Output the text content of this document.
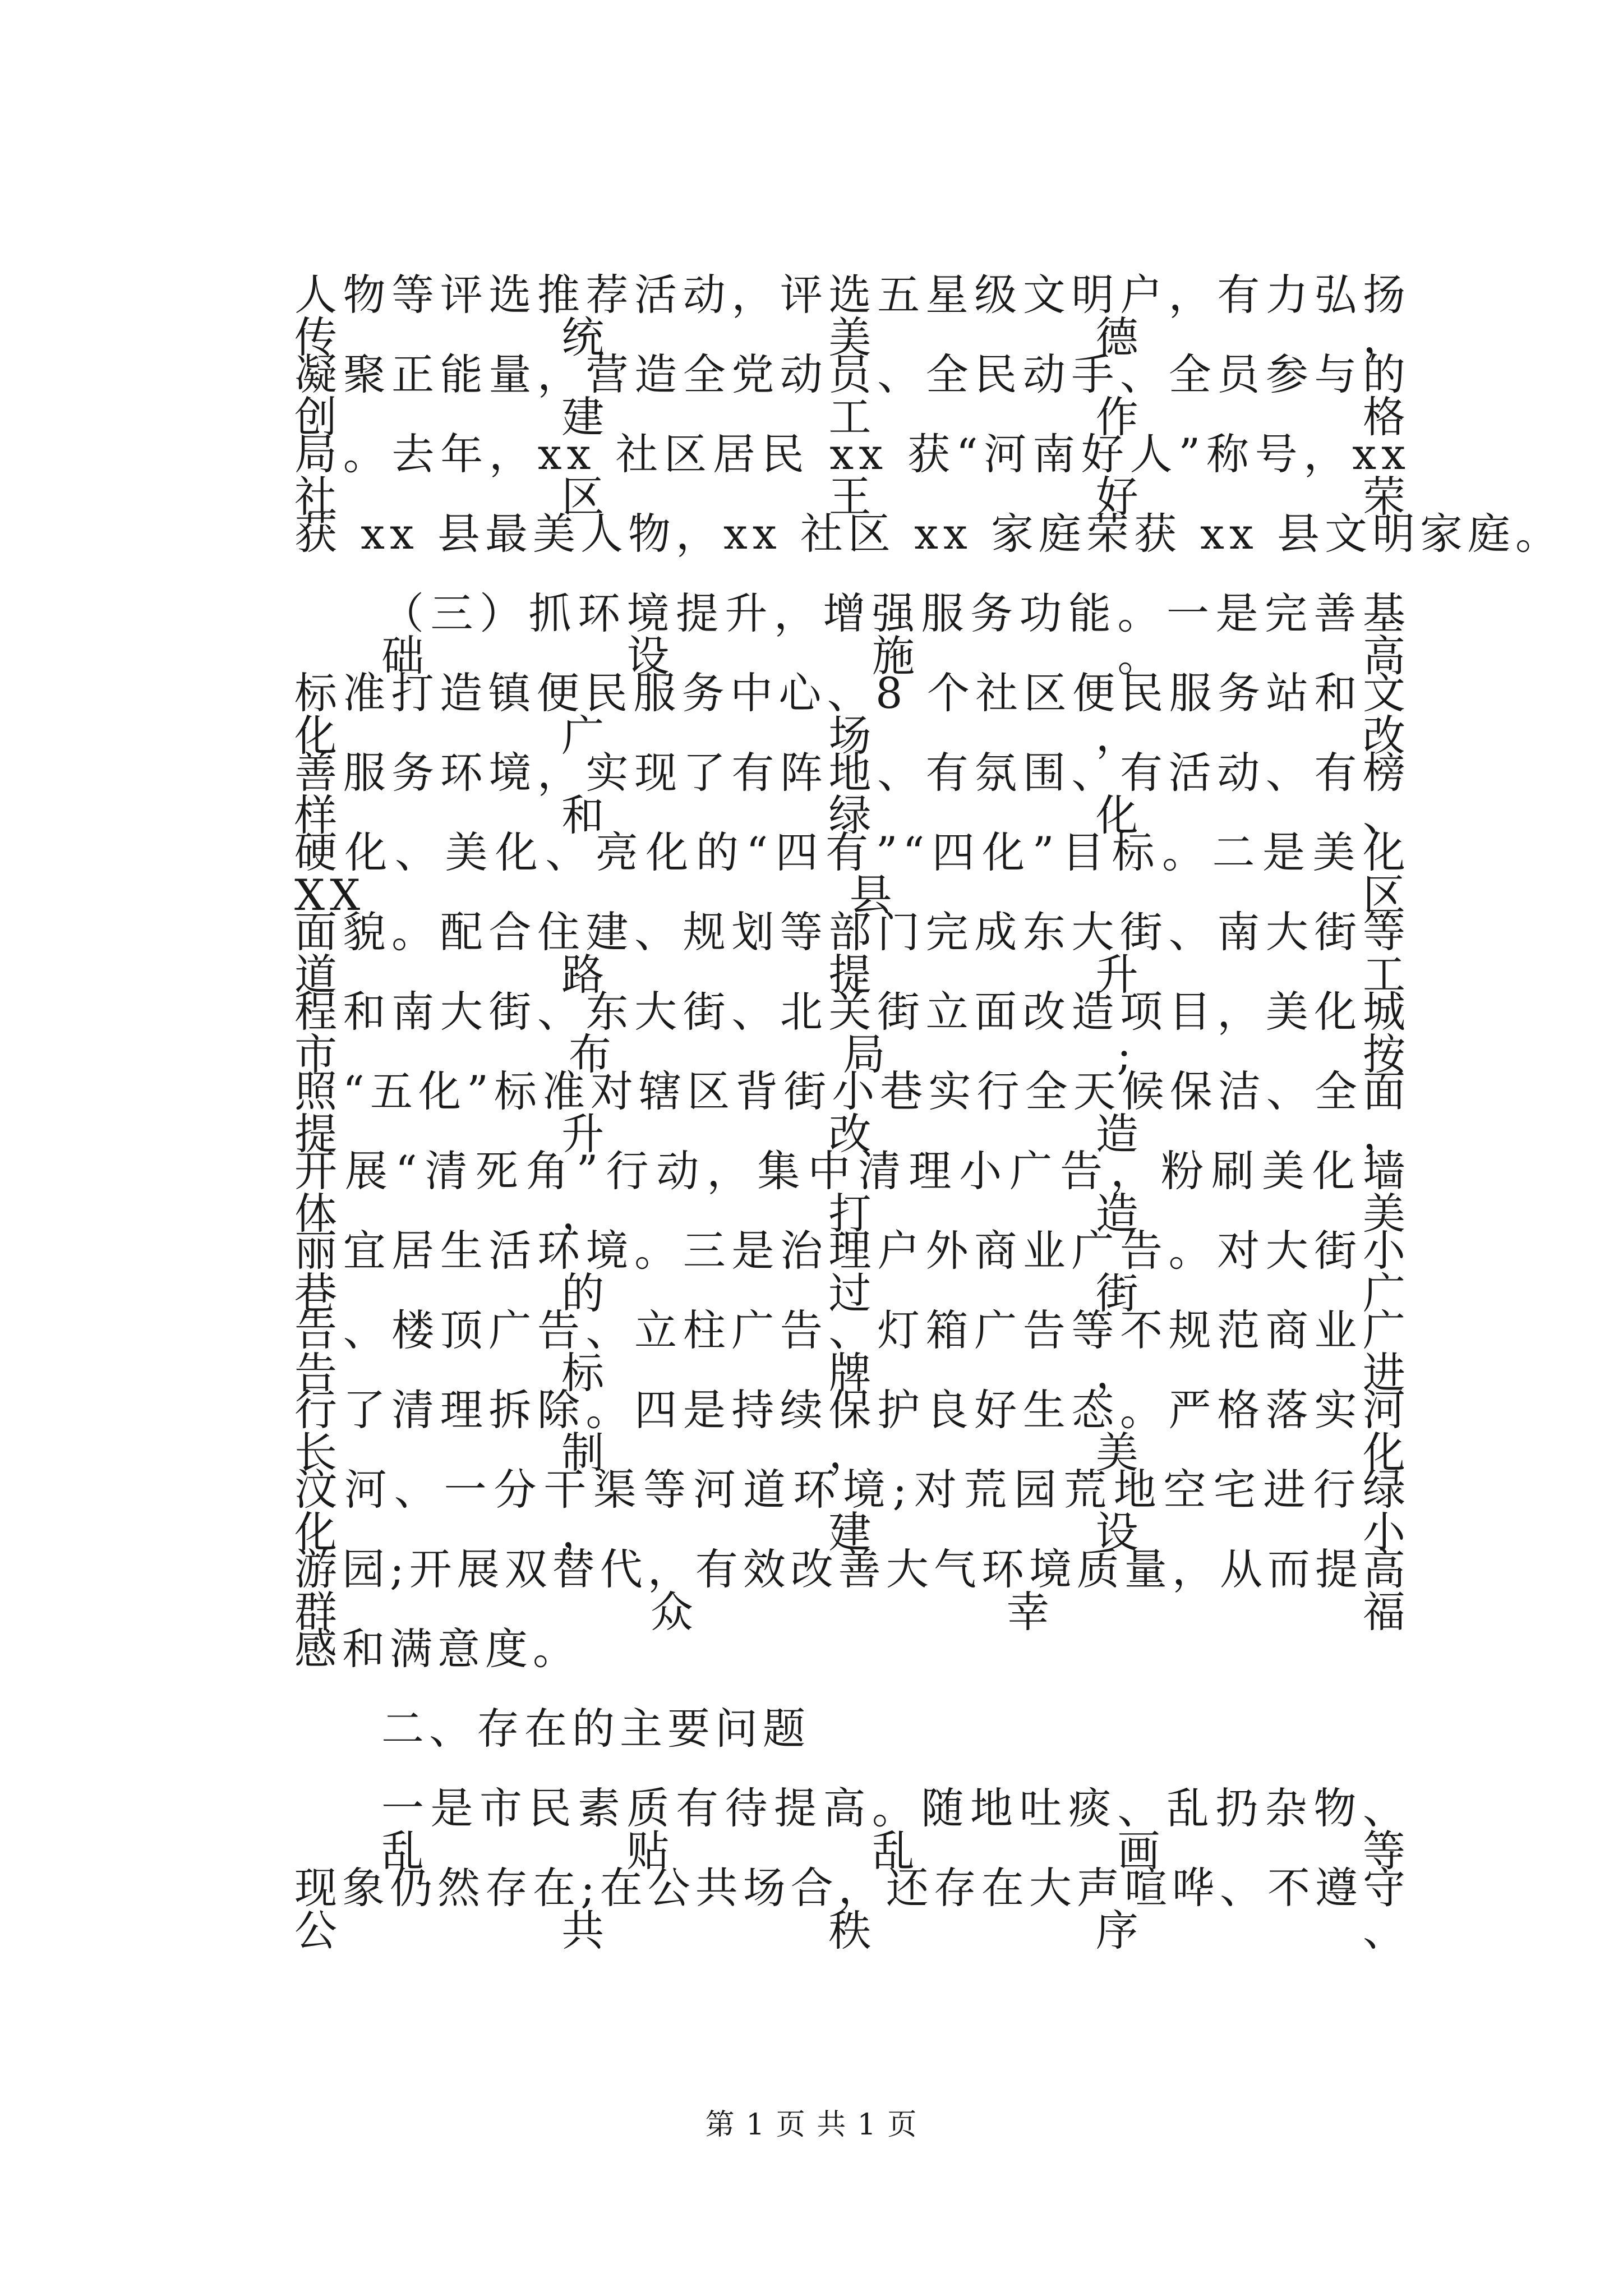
人物等评选推荐活动，评选五星级文明户，有力弘扬传统美德，
凝聚正能量，营造全党动员、全民动手、全员参与的创建工作格
局。去年，xx 社区居民 xx 获“河南好人”称号，xx 社区王好荣
获 xx 县最美人物，xx 社区 xx 家庭荣获 xx 县文明家庭。
（三）抓环境提升，增强服务功能。一是完善基础设施。高
标准打造镇便民服务中心、8 个社区便民服务站和文化广场，改
善服务环境，实现了有阵地、有氛围、有活动、有榜样和绿化、
硬化、美化、亮化的“四有”“四化”目标。二是美化 XX 县区
面貌。配合住建、规划等部门完成东大街、南大街等道路提升工
程和南大街、东大街、北关街立面改造项目，美化城市布局;按
照“五化”标准对辖区背街小巷实行全天候保洁、全面提升改造，
开展“清死角”行动，集中清理小广告，粉刷美化墙体，打造美
丽宜居生活环境。三是治理户外商业广告。对大街小巷的过街广
告、楼顶广告、立柱广告、灯箱广告等不规范商业广告标牌，进
行了清理拆除。四是持续保护良好生态。严格落实河长制，美化
汶河、一分干渠等河道环境;对荒园荒地空宅进行绿化，建设小
游园;开展双替代，有效改善大气环境质量，从而提高群众幸福
感和满意度。
二、存在的主要问题
一是市民素质有待提高。随地吐痰、乱扔杂物、乱贴乱画等
现象仍然存在;在公共场合，还存在大声喧哗、不遵守公共秩序、
第 1 页 共 1 页
